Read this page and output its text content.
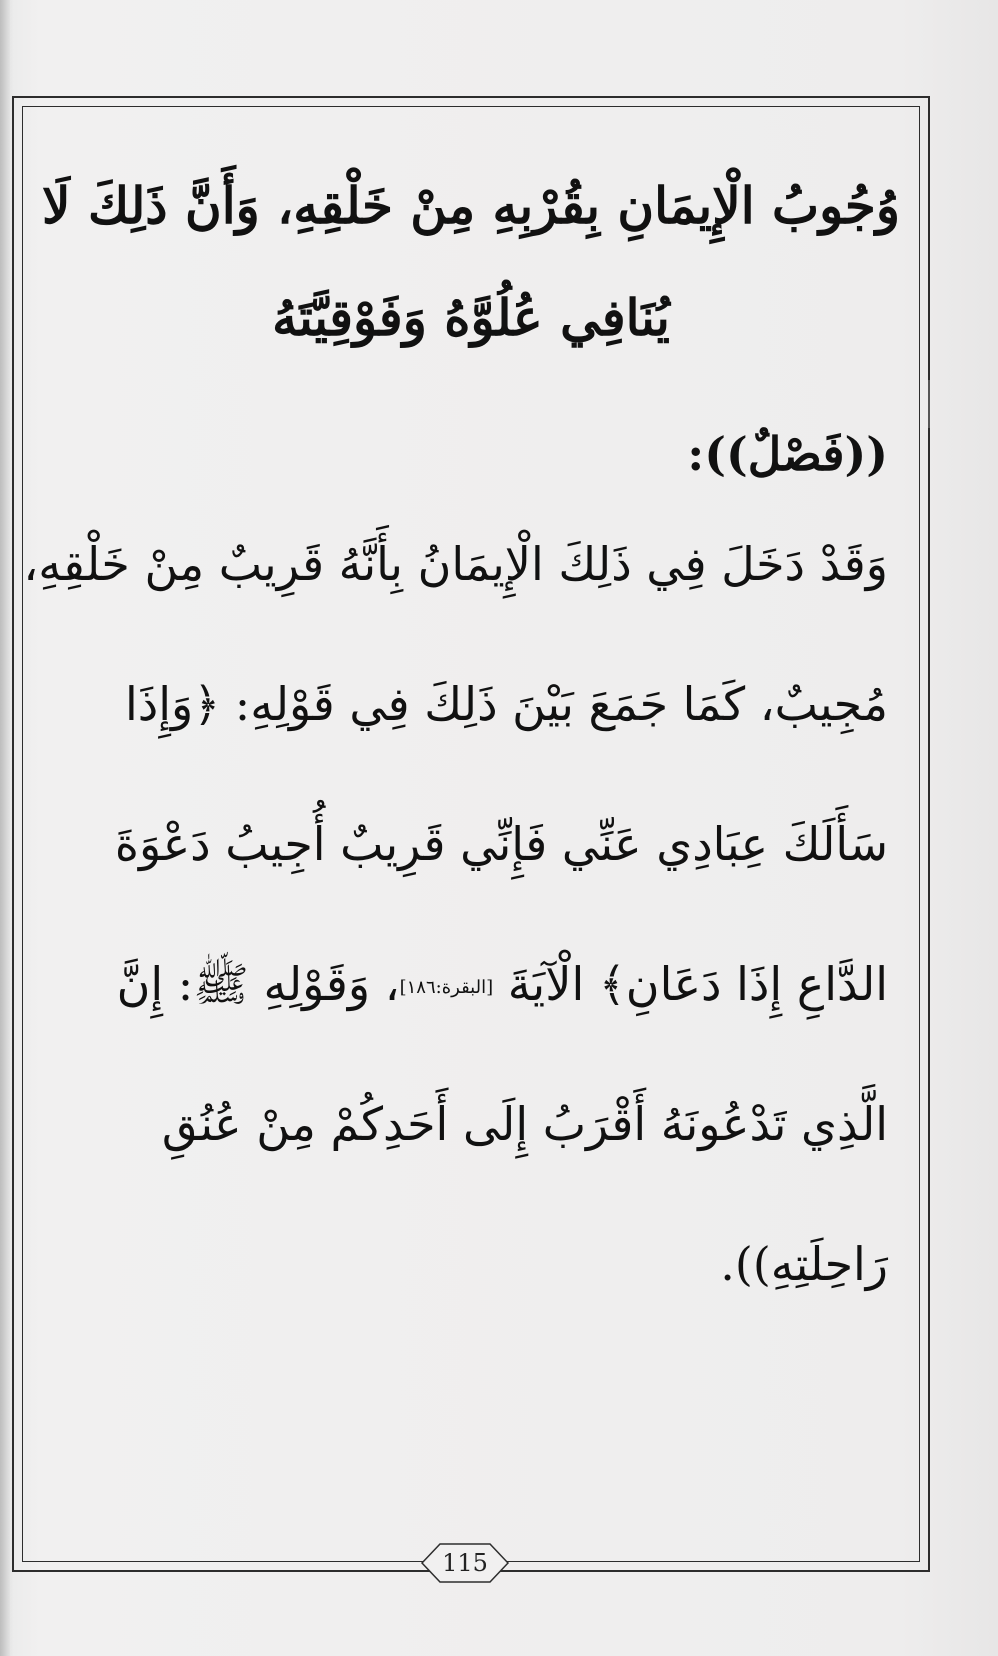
وُجُوبُ الْإِيمَانِ بِقُرْبِهِ مِنْ خَلْقِهِ، وَأَنَّ ذَلِكَ لَا

يُنَافِي عُلُوَّهُ وَفَوْقِيَّتَهُ

((فَصْلٌ)):

وَقَدْ دَخَلَ فِي ذَلِكَ الْإِيمَانُ بِأَنَّهُ قَرِيبٌ مِنْ خَلْقِهِ،

مُجِيبٌ، كَمَا جَمَعَ بَيْنَ ذَلِكَ فِي قَوْلِهِ: ﴿وَإِذَا

سَأَلَكَ عِبَادِي عَنِّي فَإِنِّي قَرِيبٌ أُجِيبُ دَعْوَةَ

الدَّاعِ إِذَا دَعَانِ﴾ الْآيَةَ [البقرة:١٨٦]، وَقَوْلِهِ ﷺ: إِنَّ

الَّذِي تَدْعُونَهُ أَقْرَبُ إِلَى أَحَدِكُمْ مِنْ عُنُقِ

رَاحِلَتِهِ)).

115
